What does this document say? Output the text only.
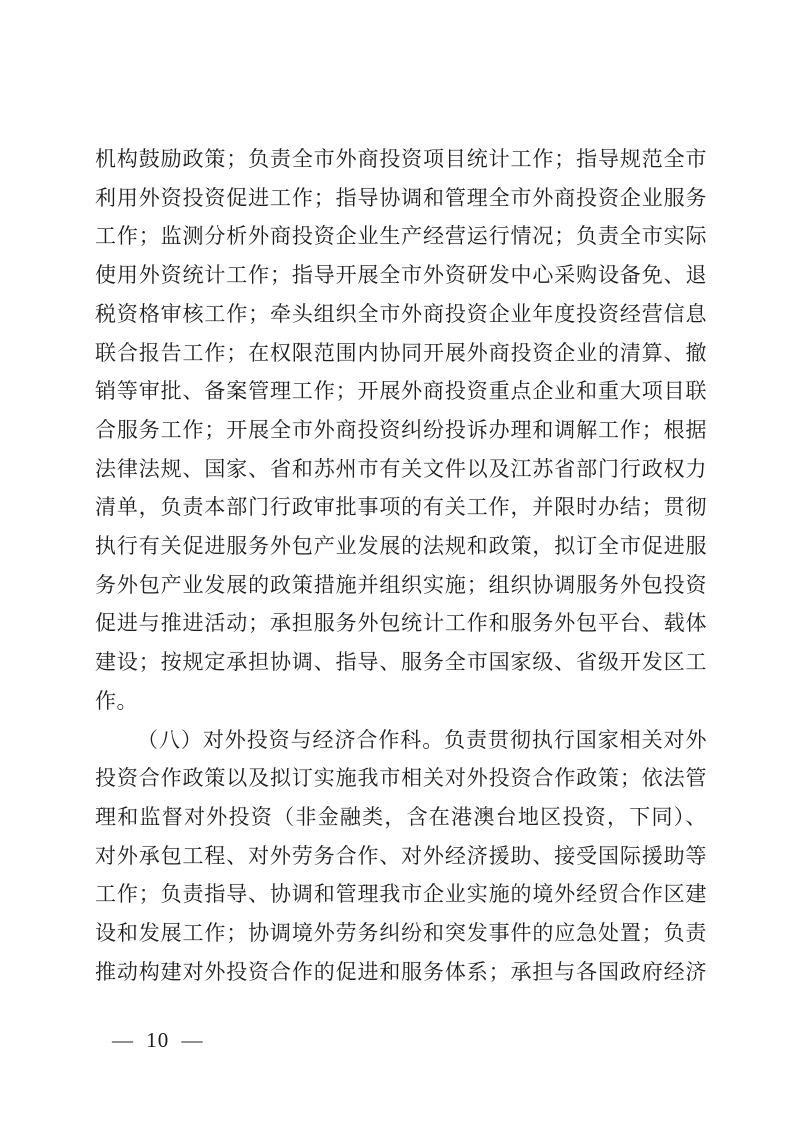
机构鼓励政策；负责全市外商投资项目统计工作；指导规范全市
利用外资投资促进工作；指导协调和管理全市外商投资企业服务
工作；监测分析外商投资企业生产经营运行情况；负责全市实际
使用外资统计工作；指导开展全市外资研发中心采购设备免、退
税资格审核工作；牵头组织全市外商投资企业年度投资经营信息
联合报告工作；在权限范围内协同开展外商投资企业的清算、撤
销等审批、备案管理工作；开展外商投资重点企业和重大项目联
合服务工作；开展全市外商投资纠纷投诉办理和调解工作；根据
法律法规、国家、省和苏州市有关文件以及江苏省部门行政权力
清单，负责本部门行政审批事项的有关工作，并限时办结；贯彻
执行有关促进服务外包产业发展的法规和政策，拟订全市促进服
务外包产业发展的政策措施并组织实施；组织协调服务外包投资
促进与推进活动；承担服务外包统计工作和服务外包平台、载体
建设；按规定承担协调、指导、服务全市国家级、省级开发区工
作。
（八）对外投资与经济合作科。负责贯彻执行国家相关对外
投资合作政策以及拟订实施我市相关对外投资合作政策；依法管
理和监督对外投资（非金融类，含在港澳台地区投资，下同）、
对外承包工程、对外劳务合作、对外经济援助、接受国际援助等
工作；负责指导、协调和管理我市企业实施的境外经贸合作区建
设和发展工作；协调境外劳务纠纷和突发事件的应急处置；负责
推动构建对外投资合作的促进和服务体系；承担与各国政府经济
— 10 —
